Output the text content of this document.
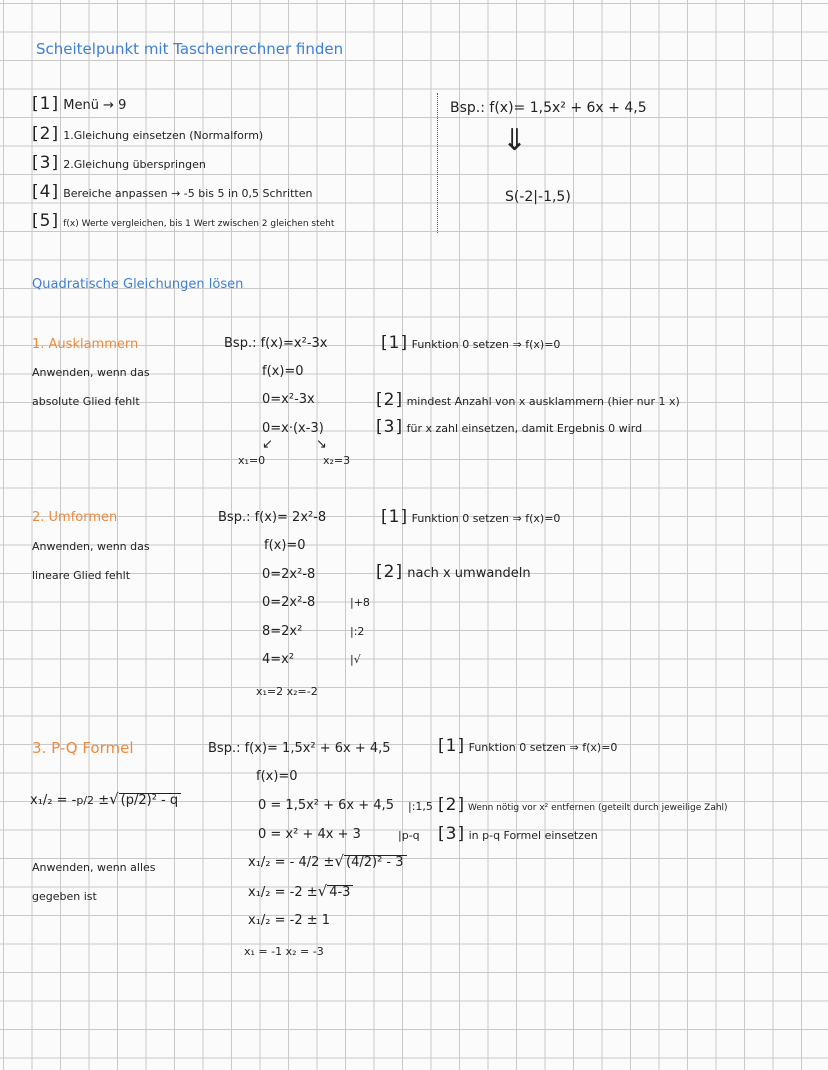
Scheitelpunkt mit Taschenrechner finden
[1] Menü → 9
[2] 1.Gleichung einsetzen (Normalform)
[3] 2.Gleichung überspringen
[4] Bereiche anpassen → -5 bis 5 in 0,5 Schritten
[5] f(x) Werte vergleichen, bis 1 Wert zwischen 2 gleichen steht
Bsp.: f(x)= 1,5x² + 6x + 4,5
⇓
S(-2|-1,5)
Quadratische Gleichungen lösen
1. Ausklammern
Anwenden, wenn das
absolute Glied fehlt
Bsp.: f(x)=x²-3x
f(x)=0
0=x²-3x
0=x·(x-3)
↙	↘
x₁=0	x₂=3
[1] Funktion 0 setzen ⇒ f(x)=0
[2] mindest Anzahl von x ausklammern (hier nur 1 x)
[3] für x zahl einsetzen, damit Ergebnis 0 wird
2. Umformen
Anwenden, wenn das
lineare Glied fehlt
Bsp.: f(x)= 2x²-8
f(x)=0
0=2x²-8
0=2x²-8	|+8
8=2x²	|:2
4=x²	|√
x₁=2 x₂=-2
[1] Funktion 0 setzen ⇒ f(x)=0
[2] nach x umwandeln
3. P-Q Formel
x₁/₂ = -p/2 ±√ (p/2)² - q
Anwenden, wenn alles
gegeben ist
Bsp.: f(x)= 1,5x² + 6x + 4,5
f(x)=0
0 = 1,5x² + 6x + 4,5 |:1,5
0 = x² + 4x + 3	|p-q
x₁/₂ = - 4/2 ±√ (4/2)² - 3
x₁/₂ = -2 ±√ 4-3
x₁/₂ = -2 ± 1
x₁ = -1 x₂ = -3
[1] Funktion 0 setzen ⇒ f(x)=0
[2] Wenn nötig vor x² entfernen (geteilt durch jeweilige Zahl)
[3] in p-q Formel einsetzen
